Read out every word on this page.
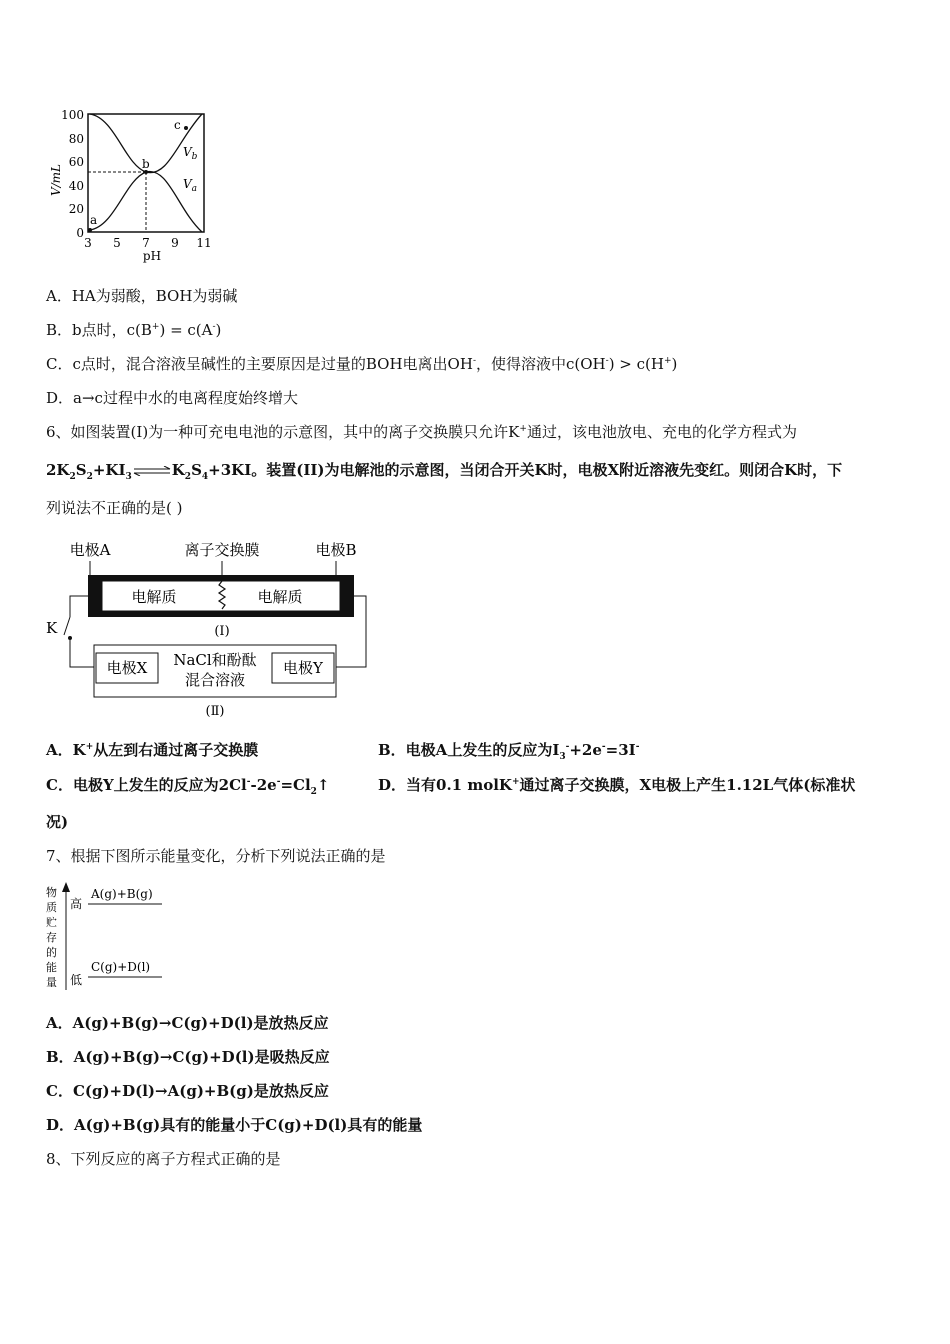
100
80
60
40
20
0
3 5 7 9 11
pH
V/mL
a
b
c
$V_b$
$V_a$
A．HA为弱酸，BOH为弱碱
B．b点时，c(B+) = c(A-)
C．c点时，混合溶液呈碱性的主要原因是过量的BOH电离出OH-，使得溶液中c(OH-) > c(H+)
D．a→c过程中水的电离程度始终增大
6、如图装置(I)为一种可充电电池的示意图，其中的离子交换膜只允许K+通过，该电池放电、充电的化学方程式为
$2K_2S_2+KI_3\rightleftharpoons K_2S_4+3KI$。装置(II)为电解池的示意图，当闭合开关K时，电极X附近溶液先变红。则闭合K时，下
列说法不正确的是( )
电极A	离子交换膜	电极B
电解质	电解质
(Ⅰ)
K
电极X	电极Y
NaCl和酚酞
混合溶液
(Ⅱ)
A．K+从左到右通过离子交换膜	B．电极A上发生的反应为$I_3^-+2e^-=3I^-$
C．电极Y上发生的反应为$2Cl^--2e^-=Cl_2↑$	D．当有0.1 molK+通过离子交换膜，X电极上产生1.12L气体(标准状
况)
7、根据下图所示能量变化，分析下列说法正确的是
物
质
贮
存
的
能
量
高
低
A(g)+B(g)
C(g)+D(l)
A．A(g)+B(g)→C(g)+D(l)是放热反应
B．A(g)+B(g)→C(g)+D(l)是吸热反应
C．C(g)+D(l)→A(g)+B(g)是放热反应
D．A(g)+B(g)具有的能量小于C(g)+D(l)具有的能量
8、下列反应的离子方程式正确的是
